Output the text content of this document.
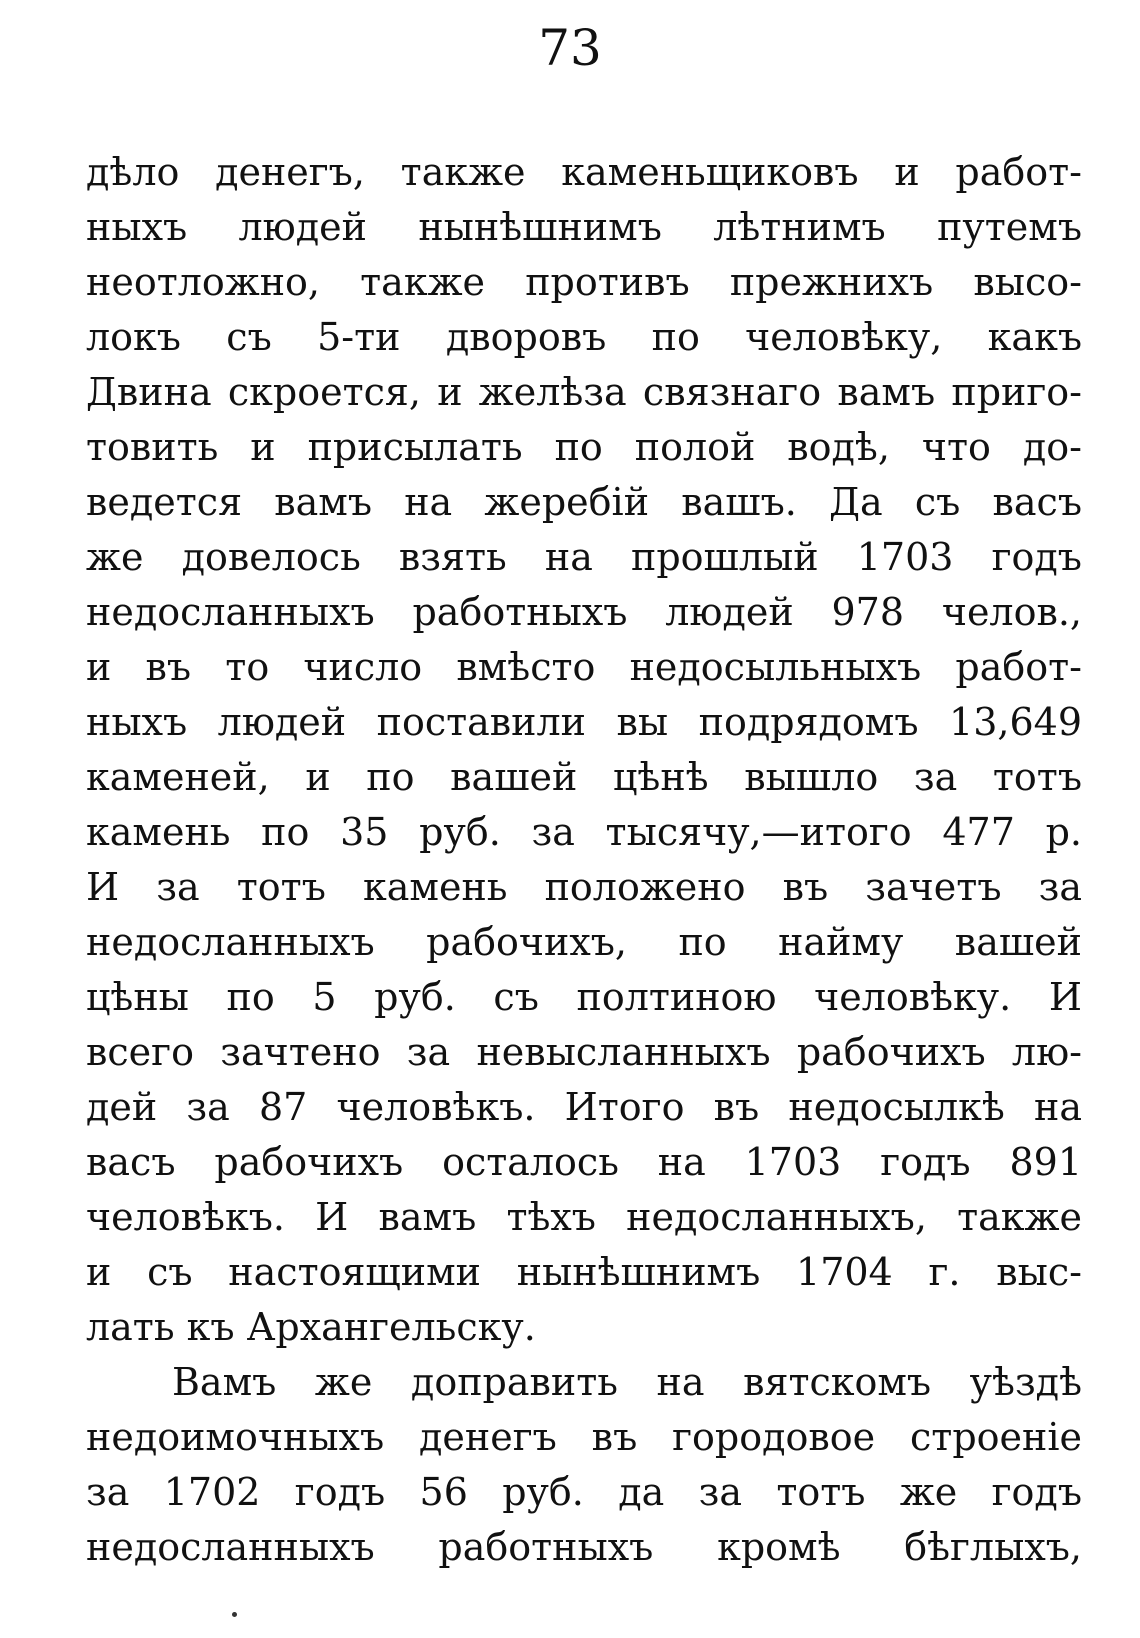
73
дѣло денегъ, также каменьщиковъ и работ-
ныхъ людей нынѣшнимъ лѣтнимъ путемъ
неотложно, также противъ прежнихъ высо-
локъ съ 5-ти дворовъ по человѣку, какъ
Двина скроется, и желѣза связнаго вамъ приго-
товить и присылать по полой водѣ, что до-
ведется вамъ на жеребій вашъ. Да съ васъ
же довелось взять на прошлый 1703 годъ
недосланныхъ работныхъ людей 978 челов.,
и въ то число вмѣсто недосыльныхъ работ-
ныхъ людей поставили вы подрядомъ 13,649
каменей, и по вашей цѣнѣ вышло за тотъ
камень по 35 руб. за тысячу,—итого 477 р.
И за тотъ камень положено въ зачетъ за
недосланныхъ рабочихъ, по найму вашей
цѣны по 5 руб. съ полтиною человѣку. И
всего зачтено за невысланныхъ рабочихъ лю-
дей за 87 человѣкъ. Итого въ недосылкѣ на
васъ рабочихъ осталось на 1703 годъ 891
человѣкъ. И вамъ тѣхъ недосланныхъ, также
и съ настоящими нынѣшнимъ 1704 г. выс-
лать къ Архангельску.
Вамъ же доправить на вятскомъ уѣздѣ
недоимочныхъ денегъ въ городовое строеніе
за 1702 годъ 56 руб. да за тотъ же годъ
недосланныхъ работныхъ кромѣ бѣглыхъ,
